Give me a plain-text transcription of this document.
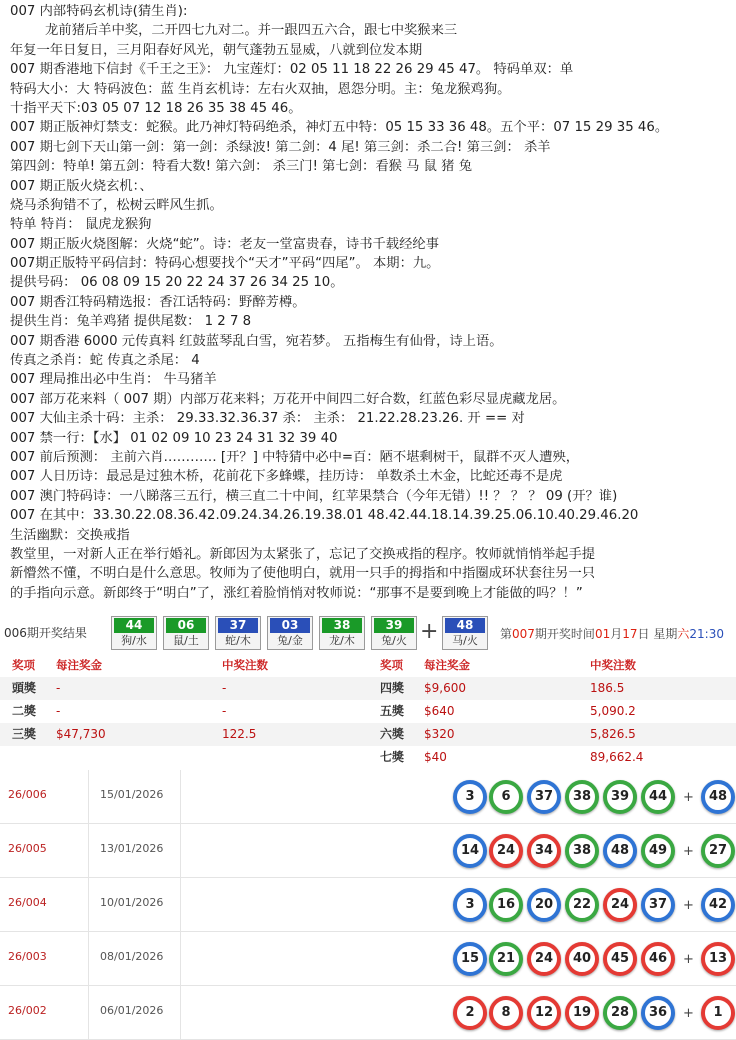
007 内部特码玄机诗(猜生肖):
龙前猪后羊中奖，二开四七九对二。并一跟四五六合，跟七中奖猴来三
年复一年日复日，三月阳春好风光，朝气蓬勃五显威，八就到位发本期
007 期香港地下信封《千王之王》： 九宝莲灯：02 05 11 18 22 26 29 45 47。 特码单双：单
特码大小：大 特码波色：蓝 生肖玄机诗：左右火双抽，恩怨分明。主：兔龙猴鸡狗。
十指平天下:03 05 07 12 18 26 35 38 45 46。
007 期正版神灯禁支：蛇猴。此乃神灯特码绝杀，神灯五中特：05 15 33 36 48。五个平：07 15 29 35 46。
007 期七剑下天山第一剑：第一剑：杀绿波! 第二剑：4 尾! 第三剑：杀二合! 第三剑： 杀羊
第四剑：特单! 第五剑：特看大数! 第六剑： 杀三门! 第七剑：看猴 马 鼠 猪 兔
007 期正版火烧玄机：、
烧马杀狗错不了，松树云畔风生抓。
特单 特肖： 鼠虎龙猴狗
007 期正版火烧图解：火烧“蛇”。诗：老友一堂富贵春，诗书千载经纶事
007期正版特平码信封：特码心想要找个“天才”平码“四尾”。 本期：九。
提供号码： 06 08 09 15 20 22 24 37 26 34 25 10。
007 期香江特码精选报：香江话特码：野醉芳樽。
提供生肖：兔羊鸡猪 提供尾数： 1 2 7 8
007 期香港 6000 元传真料 红鼓蓝琴乱白雪，宛若梦。 五指梅生有仙骨，诗上语。
传真之杀肖：蛇 传真之杀尾： 4
007 理局推出必中生肖： 牛马猪羊
007 部万花来料（ 007 期）内部万花来料；万花开中间四二好合数，红蓝色彩尽显虎藏龙居。
007 大仙主杀十码：主杀： 29.33.32.36.37 杀： 主杀： 21.22.28.23.26. 开 == 对
007 禁一行：【水】 01 02 09 10 23 24 31 32 39 40
007 前后预测： 主前六肖………… [开？] 中特猜中必中=百：陋不堪剩树干，鼠群不灭人遭殃，
007 人日历诗：最忌是过独木桥，花前花下多蜂蝶，挂历诗： 单数杀土木金，比蛇还毒不是虎
007 澳门特码诗：一八睇落三五行，横三直二十中间，红苹果禁合（今年无错）!! ？ ？ ？ 09 (开？谁)
007 在其中：33.30.22.08.36.42.09.24.34.26.19.38.01 48.42.44.18.14.39.25.06.10.40.29.46.20
生活幽默：交换戒指
教堂里，一对新人正在举行婚礼。新郎因为太紧张了，忘记了交换戒指的程序。牧师就悄悄举起手提
新懵然不懂，不明白是什么意思。牧师为了使他明白，就用一只手的拇指和中指圈成环状套往另一只
的手指向示意。新郎终于“明白”了，涨红着脸悄悄对牧师说：“那事不是要到晚上才能做的吗？！”
006期开奖结果
44
狗/水
06
鼠/土
37
蛇/木
03
兔/金
38
龙/木
39
兔/火 +	48
马/火	第007期开奖时间01月17日 星期六21:30
奖项 每注奖金	中奖注数	奖项 每注奖金	中奖注数
頭獎 -	-
二獎 -	-
三獎 $47,730	122.5
四獎 $9,600	186.5
五獎 $640	5,090.2
六獎 $320	5,826.5
七獎 $40	89,662.4
26/006	15/01/2026	3	6	37	38	39	44	+	48
26/005	13/01/2026	14	24	34	38	48	49	+	27
26/004	10/01/2026	3	16	20	22	24	37	+	42
26/003	08/01/2026	15	21	24	40	45	46	+	13
26/002	06/01/2026	2	8	12	19	28	36	+	1
